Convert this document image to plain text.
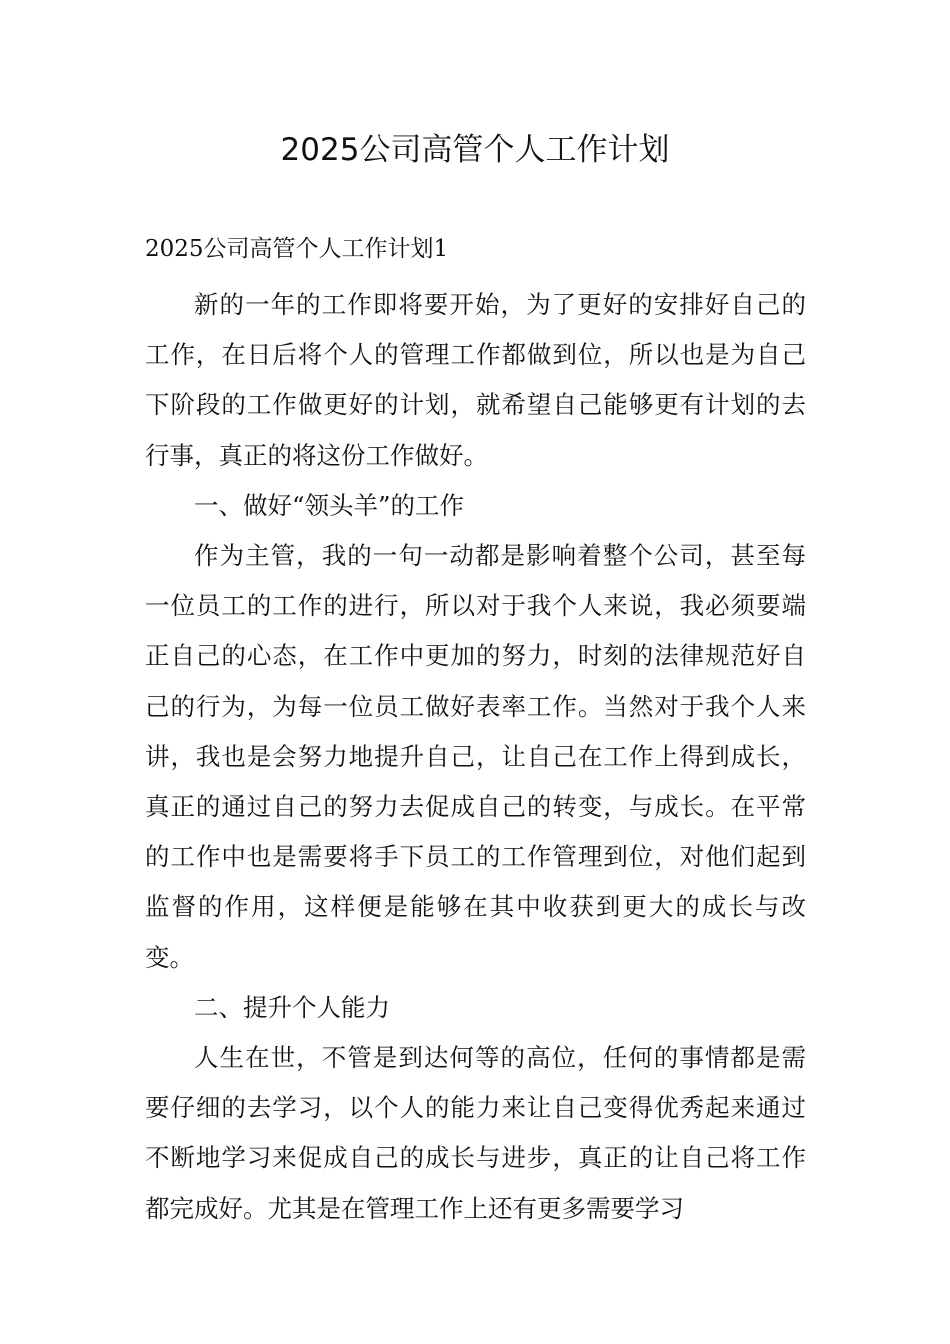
2025公司高管个人工作计划

2025公司高管个人工作计划1

新的一年的工作即将要开始，为了更好的安排好自己的工作，在日后将个人的管理工作都做到位，所以也是为自己下阶段的工作做更好的计划，就希望自己能够更有计划的去行事，真正的将这份工作做好。

一、做好“领头羊”的工作

作为主管，我的一句一动都是影响着整个公司，甚至每一位员工的工作的进行，所以对于我个人来说，我必须要端正自己的心态，在工作中更加的努力，时刻的法律规范好自己的行为，为每一位员工做好表率工作。当然对于我个人来讲，我也是会努力地提升自己，让自己在工作上得到成长，真正的通过自己的努力去促成自己的转变，与成长。在平常的工作中也是需要将手下员工的工作管理到位，对他们起到监督的作用，这样便是能够在其中收获到更大的成长与改变。

二、提升个人能力

人生在世，不管是到达何等的高位，任何的事情都是需要仔细的去学习，以个人的能力来让自己变得优秀起来通过不断地学习来促成自己的成长与进步，真正的让自己将工作都完成好。尤其是在管理工作上还有更多需要学习
